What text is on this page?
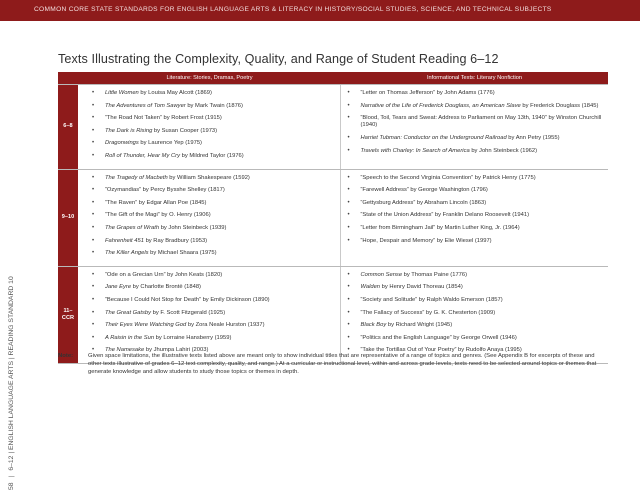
COMMON CORE STATE STANDARDS FOR ENGLISH LANGUAGE ARTS & LITERACY IN HISTORY/SOCIAL STUDIES, SCIENCE, AND TECHNICAL SUBJECTS
58
|
6–12 | ENGLISH LANGUAGE ARTS | READING STANDARD 10
Texts Illustrating the Complexity, Quality, and Range of Student Reading 6–12
Literature: Stories, Dramas, Poetry	Informational Texts: Literary Nonfiction
6–8
• Little Women by Louisa May Alcott (1869)
• The Adventures of Tom Sawyer by Mark Twain (1876)
• “The Road Not Taken” by Robert Frost (1915)
• The Dark is Rising by Susan Cooper (1973)
• Dragonwings by Laurence Yep (1975)
• Roll of Thunder, Hear My Cry by Mildred Taylor (1976)
• “Letter on Thomas Jefferson” by John Adams (1776)
• Narrative of the Life of Frederick Douglass, an American Slave by Frederick Douglass (1845)
• “Blood, Toil, Tears and Sweat: Address to Parliament on May 13th, 1940” by Winston Churchill (1940)
• Harriet Tubman: Conductor on the Underground Railroad by Ann Petry (1955)
• Travels with Charley: In Search of America by John Steinbeck (1962)
9–10
• The Tragedy of Macbeth by William Shakespeare (1592)
• “Ozymandias” by Percy Bysshe Shelley (1817)
• “The Raven” by Edgar Allan Poe (1845)
• “The Gift of the Magi” by O. Henry (1906)
• The Grapes of Wrath by John Steinbeck (1939)
• Fahrenheit 451 by Ray Bradbury (1953)
• The Killer Angels by Michael Shaara (1975)
• “Speech to the Second Virginia Convention” by Patrick Henry (1775)
• “Farewell Address” by George Washington (1796)
• “Gettysburg Address” by Abraham Lincoln (1863)
• “State of the Union Address” by Franklin Delano Roosevelt (1941)
• “Letter from Birmingham Jail” by Martin Luther King, Jr. (1964)
• “Hope, Despair and Memory” by Elie Wiesel (1997)
11–CCR
• “Ode on a Grecian Urn” by John Keats (1820)
• Jane Eyre by Charlotte Brontë (1848)
• “Because I Could Not Stop for Death” by Emily Dickinson (1890)
• The Great Gatsby by F. Scott Fitzgerald (1925)
• Their Eyes Were Watching God by Zora Neale Hurston (1937)
• A Raisin in the Sun by Lorraine Hansberry (1959)
• The Namesake by Jhumpa Lahiri (2003)
• Common Sense by Thomas Paine (1776)
• Walden by Henry David Thoreau (1854)
• “Society and Solitude” by Ralph Waldo Emerson (1857)
• “The Fallacy of Success” by G. K. Chesterton (1909)
• Black Boy by Richard Wright (1945)
• “Politics and the English Language” by George Orwell (1946)
• “Take the Tortillas Out of Your Poetry” by Rudolfo Anaya (1995)
Note:	Given space limitations, the illustrative texts listed above are meant only to show individual titles that are representative of a range of topics and genres. (See Appendix B for excerpts of these and other texts illustrative of grades 6–12 text complexity, quality, and range.) At a curricular or instructional level, within and across grade levels, texts need to be selected around topics or themes that generate knowledge and allow students to study those topics or themes in depth.
